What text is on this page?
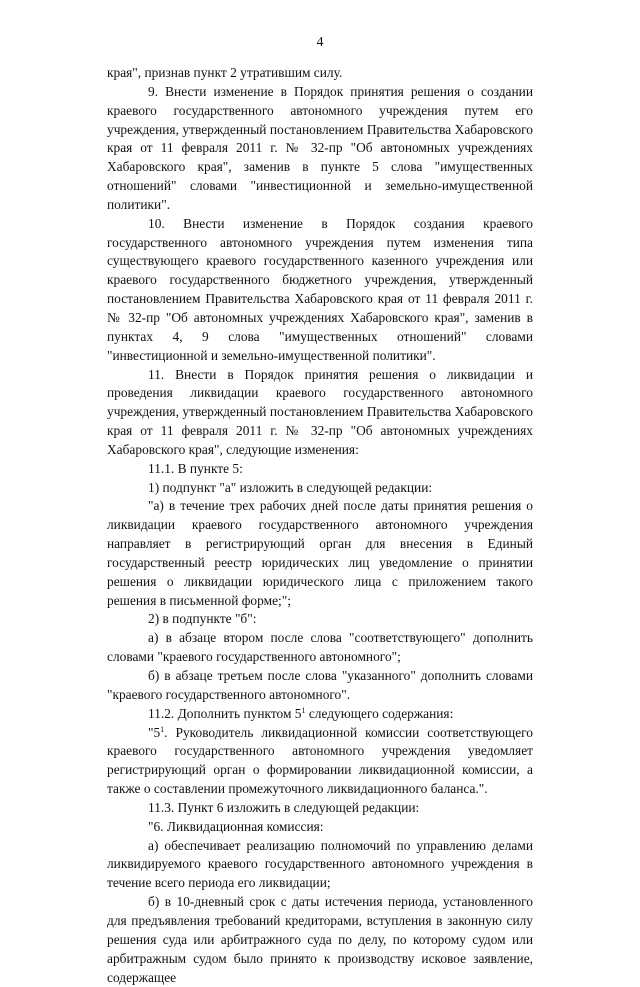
4

края", признав пункт 2 утратившим силу.

9. Внести изменение в Порядок принятия решения о создании краевого государственного автономного учреждения путем его учреждения, утвержденный постановлением Правительства Хабаровского края от 11 февраля 2011 г. № 32-пр "Об автономных учреждениях Хабаровского края", заменив в пункте 5 слова "имущественных отношений" словами "инвестиционной и земельно-имущественной политики".

10. Внести изменение в Порядок создания краевого государственного автономного учреждения путем изменения типа существующего краевого государственного казенного учреждения или краевого государственного бюджетного учреждения, утвержденный постановлением Правительства Хабаровского края от 11 февраля 2011 г. № 32-пр "Об автономных учреждениях Хабаровского края", заменив в пунктах 4, 9 слова "имущественных отношений" словами "инвестиционной и земельно-имущественной политики".

11. Внести в Порядок принятия решения о ликвидации и проведения ликвидации краевого государственного автономного учреждения, утвержденный постановлением Правительства Хабаровского края от 11 февраля 2011 г. № 32-пр "Об автономных учреждениях Хабаровского края", следующие изменения:

11.1. В пункте 5:

1) подпункт "а" изложить в следующей редакции:

"а) в течение трех рабочих дней после даты принятия решения о ликвидации краевого государственного автономного учреждения направляет в регистрирующий орган для внесения в Единый государственный реестр юридических лиц уведомление о принятии решения о ликвидации юридического лица с приложением такого решения в письменной форме;";

2) в подпункте "б":

а) в абзаце втором после слова "соответствующего" дополнить словами "краевого государственного автономного";

б) в абзаце третьем после слова "указанного" дополнить словами "краевого государственного автономного".

11.2. Дополнить пунктом $5^1$ следующего содержания:

"$5^1$. Руководитель ликвидационной комиссии соответствующего краевого государственного автономного учреждения уведомляет регистрирующий орган о формировании ликвидационной комиссии, а также о составлении промежуточного ликвидационного баланса.".

11.3. Пункт 6 изложить в следующей редакции:

"6. Ликвидационная комиссия:

а) обеспечивает реализацию полномочий по управлению делами ликвидируемого краевого государственного автономного учреждения в течение всего периода его ликвидации;

б) в 10-дневный срок с даты истечения периода, установленного для предъявления требований кредиторами, вступления в законную силу решения суда или арбитражного суда по делу, по которому судом или арбитражным судом было принято к производству исковое заявление, содержащее
